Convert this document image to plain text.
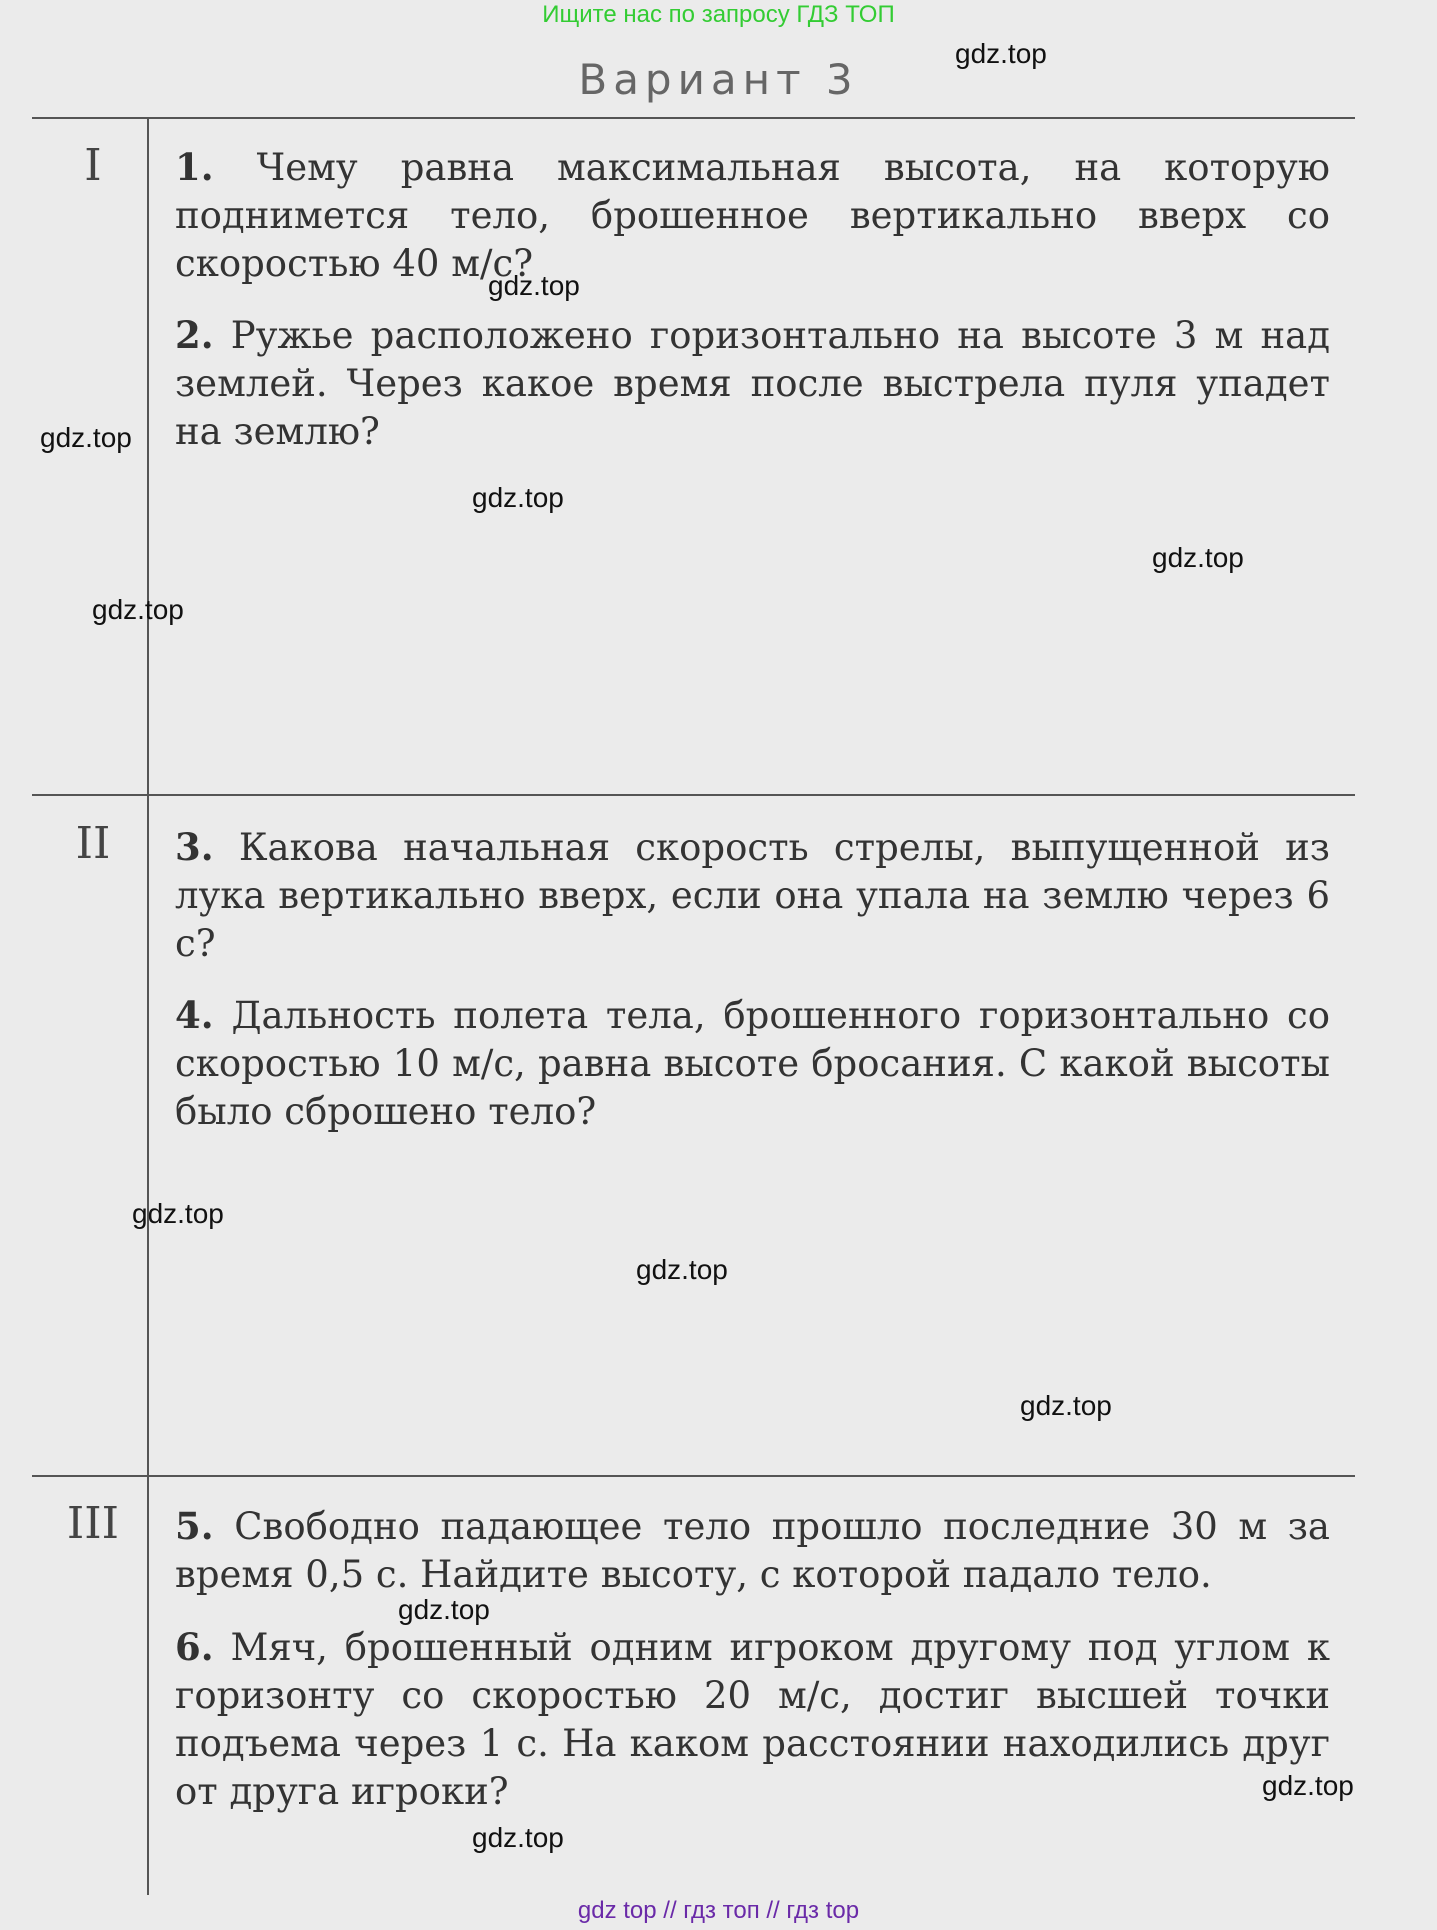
Ищите нас по запросу ГДЗ ТОП
Вариант 3
I	1. Чему равна максимальная высота, на которую поднимется тело, брошенное вертикально вверх со скоростью 40 м/с?
2. Ружье расположено горизонтально на высоте 3 м над землей. Через какое время после выстрела пуля упадет на землю?
II	3. Какова начальная скорость стрелы, выпущенной из лука вертикально вверх, если она упала на землю через 6 с?
4. Дальность полета тела, брошенного горизонтально со скоростью 10 м/с, равна высоте бросания. С какой высоты было сброшено тело?
III	5. Свободно падающее тело прошло последние 30 м за время 0,5 с. Найдите высоту, с которой падало тело.
6. Мяч, брошенный одним игроком другому под углом к горизонту со скоростью 20 м/с, достиг высшей точки подъема через 1 с. На каком расстоянии находились друг от друга игроки?
gdz.top
gdz.top
gdz.top
gdz.top
gdz.top
gdz.top
gdz.top
gdz.top
gdz.top
gdz.top
gdz.top
gdz.top
gdz top // гдз топ // гдз top
